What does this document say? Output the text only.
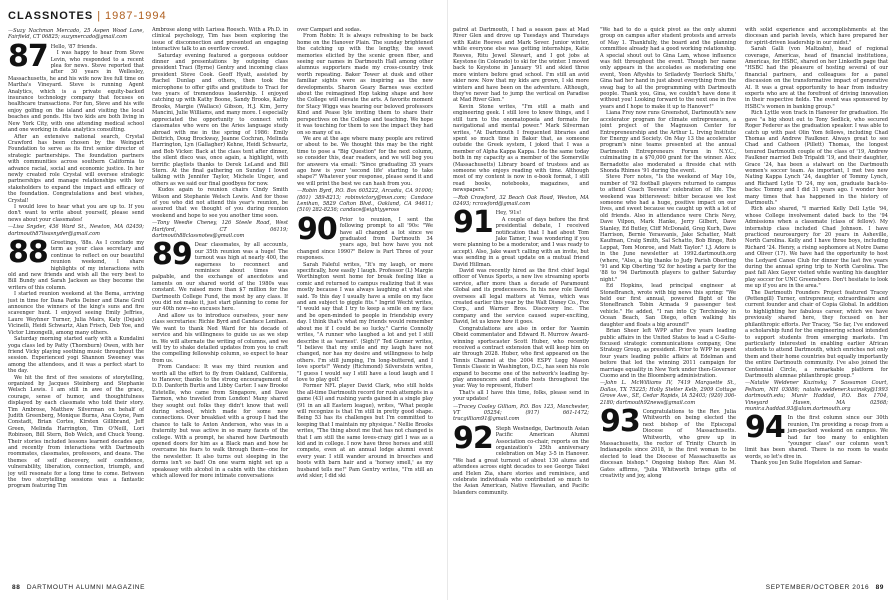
CLASSNOTES | 1987-1994
—Suzy Nachman Mercado, 25 Aspen Wood Lane, Fairfield, CT 06825; suzymercado@gmail.com
87 Hello, '87 friends.

I was happy to hear from Steve Levin, who responded to a recent plea for news. Steve reported that after 30 years in Wellesley, Massachusetts, he and his wife now live full time on Martha's Vineyard. Steve is running Agent Analytics, which is a private equity-backed insurance technology company that focuses on healthcare transactions. For fun, Steve and his wife enjoy golfing on the island and visiting the local beaches and ponds. His two kids are both living in New York City, with one attending medical school and one working in data analytics consulting.

After an extensive national search, Crystal Crawford has been chosen by the Weingart Foundation to serve as its first senior director of strategic partnerships. The foundation partners with communities across southern California to advance racial, social and economic justice. In her newly created role Crystal will oversee strategic partnerships and manage relationships with key stakeholders to expand the impact and efficacy of the foundation. Congratulations and best wishes, Crystal!

I would love to hear what you are up to. If you don't want to write about yourself, please send news about your classmates!

—Lisa Snyder, 436 Ward St., Newton, MA 02459; dartmouth87lisasnyder@gmail.com
88 Greetings, '88s. As I conclude my term as your class secretary and continue to reflect on our beautiful reunion weekend, I share highlights of my interactions with old and new friends and wish all the very best to Bill Bundy and Sarah Jackson as they become the writers of this column.

I started reunion weekend at the Bema, arriving just in time for Dana Parks Deiner and Diane Grell announce the winners of the king's suns and fire scavenger hunt. I enjoyed seeing Emily Jeffries, Laure Weyhner Turner, Julia Mairs, Katy (Dejaie) Vicinelli, Heidi Schwartz, Alan Frisch, Deb Yoe, and Victor Limongelli, among many others.

Saturday morning started early with a Kundalini yoga class led by Patty (Thornburn) Owen, with her friend Vicky playing soothing music throughout the session. Experienced yogi Shannon Sweeney was among the attendees, and it was a perfect start to the day.

We hit the first of five sessions of storytelling, organized by Jacques Steinberg and Stephanie Welsch Lewis. I am still in awe of the grace, courage, sense of humor, and thoughtfulness displayed by each classmate who told their story. Tim Ambrose, Matthew Silverman on behalf of Judith Greenberg, Monique Burns, Ana Coyne, Pam Constadt, Brian Cortes, Kirsten Gillibrand, Jeff Green, Melinda Harrington, Tim O'Neill, Lori Robinson, Bill Stern, Bob Welch, and Chuck Young. Their stories included lessons learned decades ago and recently from interactions with Dartmouth roommates, classmates, professors, and deans. The themes of self discovery, self confidence, vulnerability, liberation, connection, triumph, and joy will resonate for a long time to come. Between the two storytelling sessions was a fantastic program featuring Tim

Ambrose along with Larissa Roesch. With a Ph.D. in clinical psychology, Tim has been exploring the issue of disconnection and presented an engaging interactive talk to an overflow crowd.

Saturday evening featured a gorgeous outdoor dinner and presentations by outgoing class president Traci (Byrne) Gentry and incoming class president Steve Cook. Geoff Hyatt, assisted by Rachel Dunlap and others, then took the microphone to offer gifts and gratitude to Traci for two years of tremendous leadership. I enjoyed catching up with Kathy Boone, Sandy Brooks, Kathy Brooks, Margie (Wallace) Gibson, H.J. Kim, Jerry Mancini, Julie Williams, and many more. I especially appreciated the opportunity to connect with classmates who were on the Aries language study abroad with me in the spring of 1986: Emily Deitrich, Doug Brockway, Jeanne Cochran, Melinda Harrington, Lyn (Gallagher) Kehne, Heidi Schwartz, and Bob Vicker. Back at the class tent after dinner, the silent disco was, once again, a highlight, with terrific playlists thanks to Derek LeLand and Bill Stern. At the final gathering on Sunday I loved talking with Jennifer Taylor, Michele Unger, and others as we said our final goodbyes for now.

Kudos again to reunion chairs Cindy Smith Wilson and Stephanie Welsch Lewis. And for those of you who did not attend this year's reunion, be assured that we thought of you during reunion weekend and hope to see you another time soon.

—Tony Weedie Cheney, 126 Steele Road, West Hartford, CT 06119; dartmouth88classnotes@gmail.com
89 Dear classmates, by all accounts, our 35th reunion was a huge! The turnout was high at nearly 400, the eagerness to reconnect and reminisce about times was palpable, and the exchange of anecdotes and laments on our shared world of the 1980s was constant. We raised more than $7 million for the Dartmouth College Fund, the most by any class. If you did not make it, just start planning to come for our 40th now—no excuses here.

And allow us to introduce ourselves, your new class secretaries: Richie Byrd and Candace Lenihan. We want to thank Ned Ward for his decade of service and his willingness to guide us as we step in. We will alternate the writing of columns, and we will try to shake detailed updates from you to craft the compelling fellowship column, so expect to hear from us.

From Candace: It was my third reunion and worth all the effort to fly from Oakland, California, to Hanover, thanks to the strong encouragement of D.D. Danforth Burtis and Libby Carter. I saw Brooke Estetelle, who came from Singapore, and Dave Tarmon, who traveled from London! Many shared they sought out folks they didn't know that well during school, which made for some new connections. Over breakfast with a group I had the chance to talk to Anton Anderson, who was in a fraternity but was active in so many facets of the college. With a prompt, he shared how Dartmouth opened doors for him as a Black man and how he overcame his fears to walk through them—one for the newsletter. It also turns out sleeping in the dorms isn't so bad! On one warm night set up a speakeasy with alcohol in a cabin with the chicken which allowed for more intimate conversations

over Campari and sodas.

From Robin: It is always refreshing to be back home on the Hanover Plain. The sunday brightened the catching up with the lengthy, the sweet memories elicited by the scenic green fiber, and seeing our names in Dartmouth Hall among other alumnus supporters made my cross-country trek worth repeating. Baker Tower at dusk and other familiar sights were as inspiring as the new developments. Sharon Geary Barnes was excited about the reimagined Hop taking shape and how the College will elevate the arts. A favorite moment for Stacy Wiggs was hearing our beloved professors Kind and Pease lyle inviting them to share their perspectives on the College and teaching. We hope it was touching for them to see the impact they had on so many of us.

We are at the age where many people are retired or about to be. We thought this may be the right time to pose a "Big Question" for the next column, so consider this, dear readers, and we will beg you for answers via email: "Since graduating 35 years ago how is your 'second life' starting to take shape?" Whatever your response, please send it and we will print the best we can hash from you.

—Robin Byrd, P.O. Box 605222, Arcadia, CA 91006; (801) 389-8213; robinvictory@msn.com; Candace Lenihan, 5829 Colton Blvd., Oakland, CA 94611; (510) 282-8236; candace@eightyyeross
90 Prior to reunion, I sent the following prompt to all '90s: "We have all changed a lot since we graduated from Dartmouth 34 years ago, but how have you not changed since 1990?" Below is Part Three of your responses.

Sarah Faleful writes, "It's my laugh, or more specifically, how easily I laugh. Professor (L) Margie Worthington went home for break feeling like a comic and returned to campus realizing that it was mostly because I was always laughing at what she said. To this day I usually have a smile on my face and am subject to giggle fits." Ingrid Wecht writes, "I would say that I try to keep a smile on my face and be open-minded to people in friendship every day. I think that's what my friends would remember about me if I could be so lucky." Carrie Connolly writes, "A runner who laughed a lot and yet I still describe it as 'earnest'. (Sigh!)" Ted Gunner writes, "I believe that my smile and my laugh have not changed, nor has my desire and willingness to help others. I'm still jumping, I'm long-buttered, and I love sports!" Wendy (Richmond) Silverstein writes, "I guess I would say I still have a loud laugh and I love to play golf."

Former NFL player David Clark, who still holds the all-time Dartmouth record for rush attempts in a game (43) and rushing yards gained in a single play (91 in an all Eastern league), writes, "What people will recognize is that I'm still in pretty good shape. Being 53 has its challenges but I'm committed to keeping that I maintain my physique." Nellie Brooks writes, "The thing about me that has not changed is that I am still the same loves-crazy girl I was as a kid and in college. I now have three horses and still compete, even at an annual lodge alumni event every year. I still wander around in breeches and boots with barn hair and a 'horsey smell,' as my husband tells me!" Pam Gentry writes, "I'm still an avid skier, I did ski

patrol at Dartmouth, I had a season pass at Mad River Glen and drove up Tuesdays and Thursdays with Katie Reeves and Mark Sever. Junior winter, while everyone else was getting internships, Katie Reeves, Ritu Jewel Slewart, and I got jobs at Keystone (in Colorado) to ski for the winter. I moved back to Keystone in January '91 and skied three more winters before grad school. I'm still an avid skier now. Now that my kids are grown, I ski more winters and have been on the adventure. Although, they've never had to jump the vertical on Paradise at Mad River Glen."

Kevin Stone writes, "I'm still a math and engineering geek. I still love to know things, and I still turn to the onomatopoeia and formats for navigational and mental power." Mark Silverman writes, "At Dartmouth I frequented libraries and spent so much time in Baker that, as someone outside the Greek system, I joked that I was a member of Alpha Kappa Kappa. I do the same today both in my capacity as a member of the Somerville (Massachusetts) Library board of trustees and as someone who enjoys reading with time. Although most of my content is now in e-book format, I still read books, notebooks, magazines, and newspapers."

—Rob Crawford, 32 Beach Oak Road, Weston, MA 02493; rcrawford@gmail.com
91 Hey, '91s!

A couple of days before the first presidential debate, I received notification that I had about Tom Jake Tamer, I was wondering if you were planning to be a moderator, and I was ready to accept). Also, Jake wasn't calling with an invite, but was sending in a great update on a mutual friend David Hillman.

David was recently hired as the first chief legal officer of Venus Sports, a new live streaming sports service, after more than a decade of Paramount Global and its predecessors. In his new role David oversees all legal matters at Venus, which was created earlier this year by the Walt Disney Co., Fox Corp., and Warner Bros. Discovery Inc. The company and the service caused super-exciting, David, let us know how it goes.

Congratulations are also in order for Yasmin Obeid commentator and Edward R. Murrow Award-winning sportscaster Scott Huber, who recently received a contract extension that will keep him on air through 2028. Huber, who first appeared on the Tennis Channel at the 2004 ESPY Legg Mason Tennis Classic in Washington, D.C., has seen his role expand to become one of the network's leading by-play announcers and studio hosts throughout the year. Way to represent, Huber!

That's all I have this time, folks, please send in your updates!

—Tracey Coaley Gilliam, P.O. Box 123, Manchester, VT 05254; (917) 661-1472; tracgilliam91@gmail.com
92 Steph Westnedge, Dartmouth Asian Pacific American Alumni Association co-chair, reports on the organization's 25th anniversary celebration on May 3-5 in Hanover. "We had a great turnout of about 130 alums and attendees across eight decades to see George Takei and Helen Zia, share stories and reminisce, and celebrate individuals who contributed so much to the Asian American, Native Hawaiian, and Pacific Islanders community.

"We had to do a quick pivot as the only alumni group on campus after student protests and arrests of May 1. Thankfully, the board and the planning committee already had a good working relationship. A special shout out to Gina Lam, whose influence was felt throughout the event. Though her name only appears in the accolades as moderating one event, Yoon Aftyshis to Sriladevly Teerlock Shifts,' Gina had her hand in just about everything from the swag bag to all the programming with Dartmouth people. Thank you, Gina, we couldn't have done it without you! Looking forward to the next one in five years and I hope to make it up to Hanover!"

Liana Frey now runs Greenshot, Dartmouth's new accelerator program for climate entrepreneurs, a joint project of the Magnuson Center for Entrepreneurship and the Arthur L. Irving Institute for Energy and Society. On May 13 the accelerator program's nine teams presented at the annual Dartmouth Entrepreneurs Forum in N.Y.C., culminating in a $70,000 grant for the winner. Alex Bernadotte also moderated a fireside chat with Shonda Rhimes '91 during the event.

Steve Forr notes, "Is the weekend of May 10s, number of '92 football players returned to campus to attend Coach Teevens' celebration of life. The weekend was bittersweet: bitter because we lost someone who had a huge, positive impact on our lives, and sweet because we caught up with a lot of old friends. Also in attendance were Chris Nevy, Dave Vilpon, Mark Hanke, Jerry Gilbert, Dave Stanley, Ed Butley, Cliff McDonald, Greg Kurh, Dave Harrison, Bernie Yerasvanis, Jake Schatter, Matt Kaufman, Craig Smith, Sal Schatto, Bob Binge, Rob Leppat, Tom Monroe, and Matt Taylor." I.J. Adore is in the June newsletter at 1992.dartmouth.org (where, "Also, a big thanks to Judy Parish Oberting '91 and Kip Oberting '92 for hosting a party for the '88 to '94 Dartmouth players to gather Saturday night."

Ed Hopkins, lead principal engineer at StoneBranch, wrote with big news this spring: "We held our first annual, powered flight of the StoneBranch Tobin Armada 9 passenger test vehicle." He added, "I ran into Cy Terchinsky in Ocean Beach, San Diego, often walking his daughter and floats a big around!"

Brian Sheer left WPP after five years leading public affairs in the United States to lead a C-Suite-focused strategic communications company, One Strategy Group, as president. Prior to WPP he spent four years leading public affairs at Edelman and before that led the winning 2011 campaign for marriage equality in New York under then-Governor Cuomo and in the Bloomberg administration.

—John L. McWilliams IV, 7419 Marquette St., Dallas, TX 75225; Holly Stelter Kelb, 2909 Cottage Grove Ave., SE, Cedar Rapids, IA 52403; (920) 306-2180; dartmouth92news@gmail.com
93 Congratulations to the Rev. Julia Whitworth on being elected the next bishop of the Episcopal Diocese of Massachusetts. Whitworth, who grew up in Massachusetts, the rector of Trinity Church in Indianapolis since 2018, is the first woman to be elected to lead the Diocese of Massachusetts as diocesan bishop." Ongoing bishop Rev. Alan M. Gates affirms, "Julia Whitworth brings gifts of creativity and joy, along

with solid experience and accomplishments at the diocesan and parish levels, which have prepared her for spirit-driven leadership in our midst."

Sarah Galli (von Maltzahn), head of regional coverage, Americas, head of financial institutions, Americas, for HSBC, shared on her LinkedIn page that "HSBC had the pleasure of hosting several of our financial partners, and colleagues for a panel discussion on the transformative impact of generative AI. It was a great opportunity to hear from industry experts who are at the forefront of driving innovation in their respective fields. The event was sponsored by HSBC's women in banking group."

Rich Lyttle won track in Hanover for graduation. He gave "a big shout out to Tony Sedlick, who secured Roger Federer as the graduation speaker. I was able to catch up with past Olin Yom fellows, including Chad Thomas and Andrew Faulkner. Always great to see Chad and Catheen (Pillett) Thomas, the longest tenured Dartmouth couple of the class of '19, Andrew Faulkner married Deb Tripaldi '19, and their daughter, Grace '24, has been a stalwart on the Dartmouth women's soccer team. As important, I met two new Nating Kappa Lynch '24, daughter of Tommy Lynch, and Richard Lytle 'D '24, my son, graduate back-to-backs: Tommy and I did 31 years ago. I wonder how many times that has happened in the history of Dartmouth."

Rich also shared, "I married Kelly Dell Lytle '94, whose College involvement dated back to the '94 Admissions when a classmate (class of fellow). My internship class included Chad Johnson. I have practiced neurosurgery for 20 years in Asheville, North Carolina. Kelly and I have three boys, including Richard '24. Henry, a rising sophomore at Notre Dame and Oliver (17). We have had the opportunity to host the Ledyard Canoe Club for dinner the last five years during the annual spring trip to North Carolina. The past fall Alex Gayer visited while wanting his daughter play soccer for UNC Greensboro. Don't hesitate to look me up if you are in the area."

The Dartmouth Founders Project featured Tracey (Pettengill) Turner, entrepreneur, extraordinaire and current founder and chair of Copia Global. In addition to highlighting her fabulous career, which we have previously shared here, they focused on her philanthropic efforts. Per Tracey, "So far, I've endowed a scholarship fund for the engineering school intended to support students from emerging markets. I'm particularly interested in enabling earlier African students to attend Dartmouth, which enriches not only them and their home countries but equally importantly the entire Dartmouth community. I've also joined the Centennial Circle, a remarkable platform for Dartmouth alumnae philanthropic group."

—Natalie Weldener Kuzinsky, 7 Sassamon Court, Pelham, NH 03086; natalie.weldener.kuzinsky@1993 dartmouth.edu; Munir Haddad, P.O. Box 1704, Vineyard Haven, MA 02568; munir.a.haddad.93@alum.dartmouth.org
94 In the first column since our 30th reunion, I'm providing a recap from a jam-packed weekend on campus. We had far too many to enlighten "younger class" our column won't limit has been shared. There is no room to waste words, so let's dive in.

Thank you Jen Sulie Hogelston and Samar-

88 DARTMOUTH ALUMNI MAGAZINE	SEPTEMBER/OCTOBER 2016 89
